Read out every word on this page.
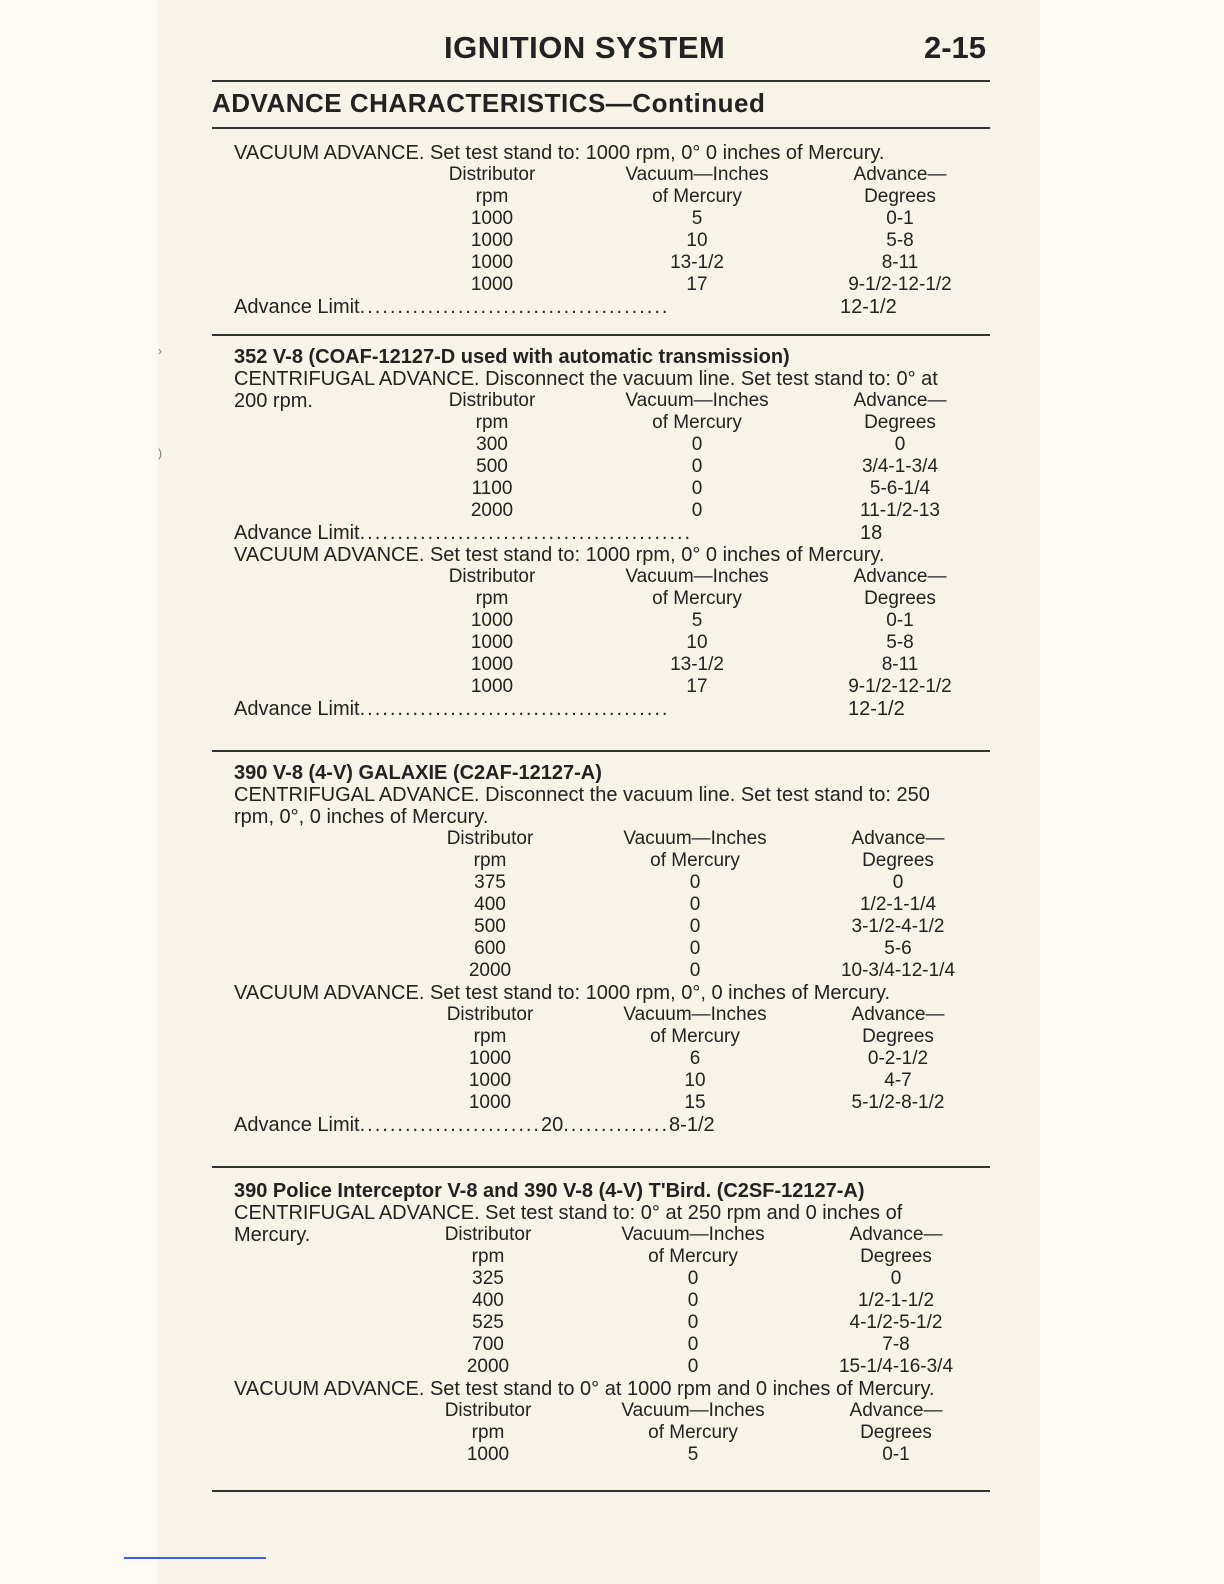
›
)
IGNITION SYSTEM	2-15
ADVANCE CHARACTERISTICS—Continued
VACUUM ADVANCE. Set test stand to: 1000 rpm, 0° 0 inches of Mercury.
Distributor	Vacuum—Inches	Advance—
rpm	of Mercury	Degrees
1000	5	0-1
1000	10	5-8
1000	13-1/2	8-11
1000	17	9-1/2-12-1/2
Advance Limit.........................................	12-1/2
352 V-8 (COAF-12127-D used with automatic transmission)
CENTRIFUGAL ADVANCE. Disconnect the vacuum line. Set test stand to: 0° at
200 rpm.	Distributor	Vacuum—Inches	Advance—
rpm	of Mercury	Degrees
300	0	0
500	0	3/4-1-3/4
1100	0	5-6-1/4
2000	0	11-1/2-13
Advance Limit............................................	18
VACUUM ADVANCE. Set test stand to: 1000 rpm, 0° 0 inches of Mercury.
Distributor	Vacuum—Inches	Advance—
rpm	of Mercury	Degrees
1000	5	0-1
1000	10	5-8
1000	13-1/2	8-11
1000	17	9-1/2-12-1/2
Advance Limit.........................................	12-1/2
390 V-8 (4-V) GALAXIE (C2AF-12127-A)
CENTRIFUGAL ADVANCE. Disconnect the vacuum line. Set test stand to: 250
rpm, 0°, 0 inches of Mercury.
Distributor	Vacuum—Inches	Advance—
rpm	of Mercury	Degrees
375	0	0
400	0	1/2-1-1/4
500	0	3-1/2-4-1/2
600	0	5-6
2000	0	10-3/4-12-1/4
VACUUM ADVANCE. Set test stand to: 1000 rpm, 0°, 0 inches of Mercury.
Distributor	Vacuum—Inches	Advance—
rpm	of Mercury	Degrees
1000	6	0-2-1/2
1000	10	4-7
1000	15	5-1/2-8-1/2
Advance Limit........................20..............8-1/2
390 Police Interceptor V-8 and 390 V-8 (4-V) T'Bird. (C2SF-12127-A)
CENTRIFUGAL ADVANCE. Set test stand to: 0° at 250 rpm and 0 inches of
Mercury.	Distributor	Vacuum—Inches	Advance—
rpm	of Mercury	Degrees
325	0	0
400	0	1/2-1-1/2
525	0	4-1/2-5-1/2
700	0	7-8
2000	0	15-1/4-16-3/4
VACUUM ADVANCE. Set test stand to 0° at 1000 rpm and 0 inches of Mercury.
Distributor	Vacuum—Inches	Advance—
rpm	of Mercury	Degrees
1000	5	0-1
